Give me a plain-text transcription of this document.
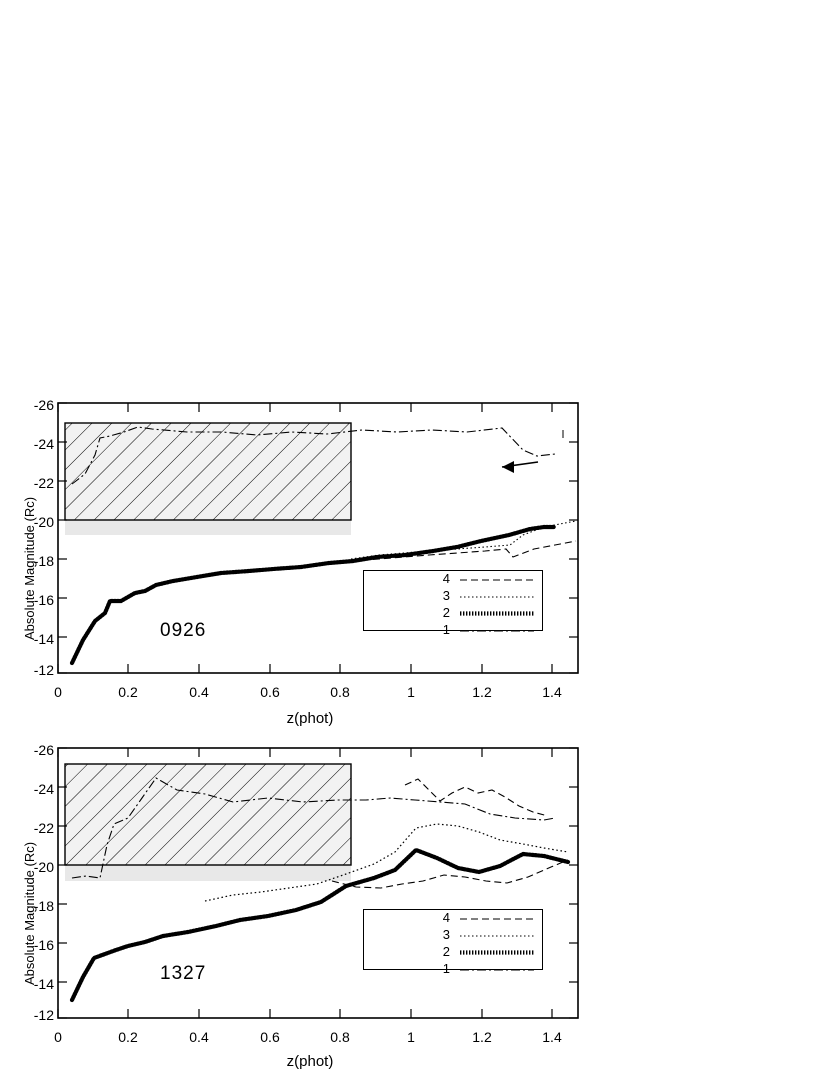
Absolute Magnitude (Rc)
-26
-24
-22
-20
-18
-16
-14
-12
0	0.2	0.4	0.6	0.8	1	1.2	1.4
z(phot)
0926
4
3
2
1
Absolute Magnitude (Rc)
-26
-24
-22
-20
-18
-16
-14
-12
0	0.2	0.4	0.6	0.8	1	1.2	1.4
z(phot)
1327
4
3
2
1
